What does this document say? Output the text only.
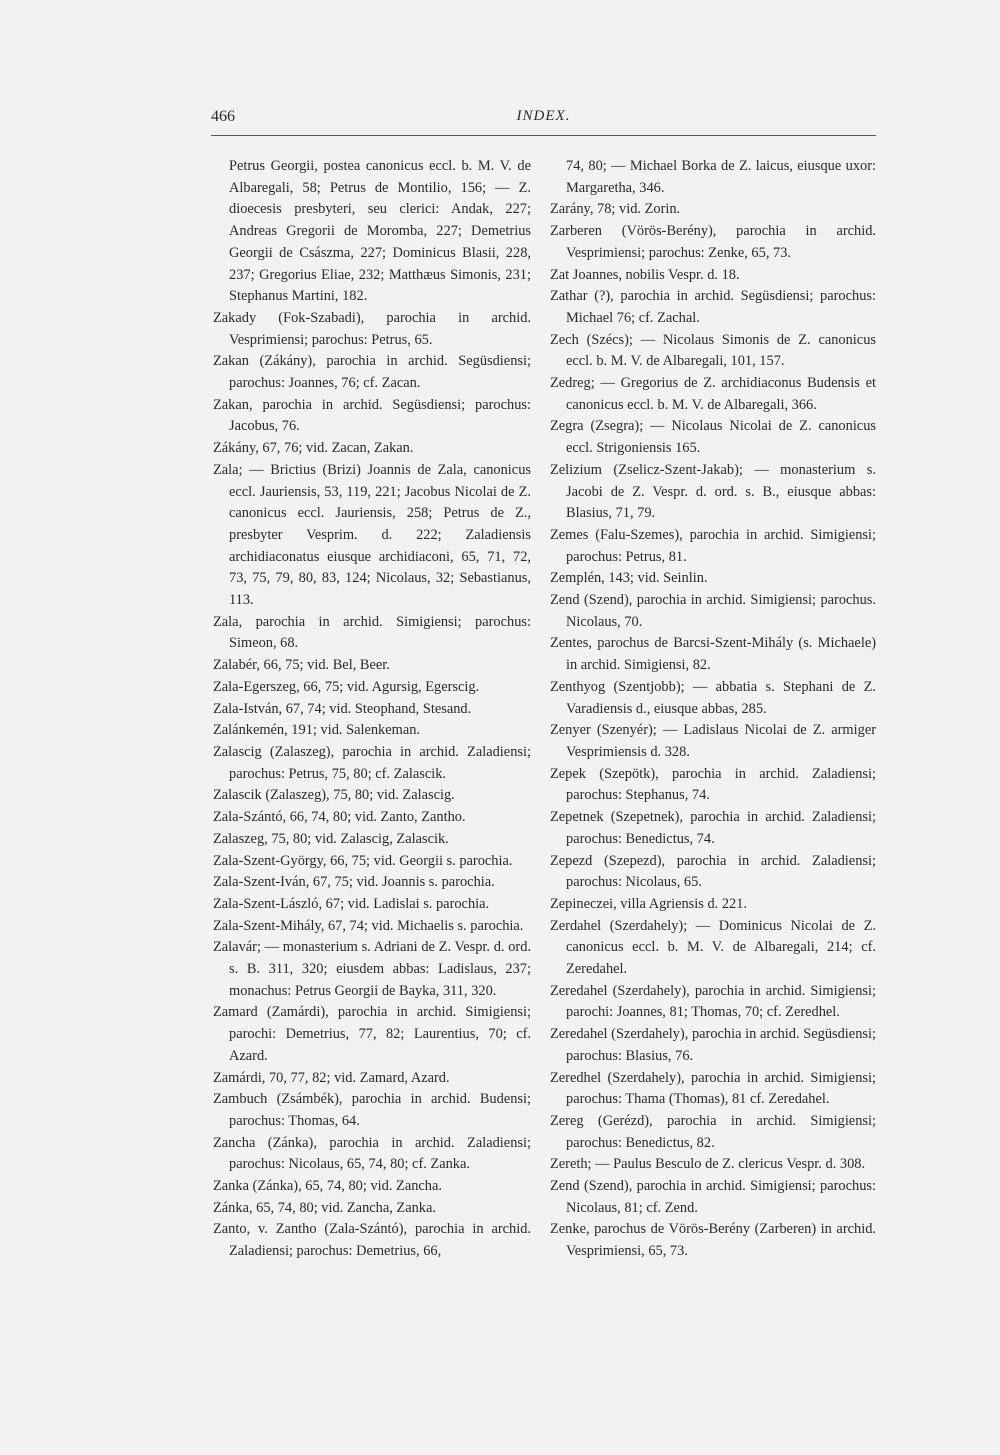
466	INDEX.

Petrus Georgii, postea canonicus eccl. b. M. V. de Albaregali, 58; Petrus de Montilio, 156; — Z. dioecesis presbyteri, seu clerici: Andak, 227; Andreas Gregorii de Moromba, 227; Demetrius Georgii de Császma, 227; Dominicus Blasii, 228, 237; Gregorius Eliae, 232; Matthæus Simonis, 231; Stephanus Martini, 182.

Zakady (Fok-Szabadi), parochia in archid. Vesprimiensi; parochus: Petrus, 65.

Zakan (Zákány), parochia in archid. Següsdiensi; parochus: Joannes, 76; cf. Zacan.

Zakan, parochia in archid. Següsdiensi; parochus: Jacobus, 76.

Zákány, 67, 76; vid. Zacan, Zakan.

Zala; — Brictius (Brizi) Joannis de Zala, canonicus eccl. Jauriensis, 53, 119, 221; Jacobus Nicolai de Z. canonicus eccl. Jauriensis, 258; Petrus de Z., presbyter Vesprim. d. 222; Zaladiensis archidiaconatus eiusque archidiaconi, 65, 71, 72, 73, 75, 79, 80, 83, 124; Nicolaus, 32; Sebastianus, 113.

Zala, parochia in archid. Simigiensi; parochus: Simeon, 68.

Zalabér, 66, 75; vid. Bel, Beer.

Zala-Egerszeg, 66, 75; vid. Agursig, Egerscig.

Zala-István, 67, 74; vid. Steophand, Stesand.

Zalánkemén, 191; vid. Salenkeman.

Zalascig (Zalaszeg), parochia in archid. Zaladiensi; parochus: Petrus, 75, 80; cf. Zalascik.

Zalascik (Zalaszeg), 75, 80; vid. Zalascig.

Zala-Szántó, 66, 74, 80; vid. Zanto, Zantho.

Zalaszeg, 75, 80; vid. Zalascig, Zalascik.

Zala-Szent-György, 66, 75; vid. Georgii s. parochia.

Zala-Szent-Iván, 67, 75; vid. Joannis s. parochia.

Zala-Szent-László, 67; vid. Ladislai s. parochia.

Zala-Szent-Mihály, 67, 74; vid. Michaelis s. parochia.

Zalavár; — monasterium s. Adriani de Z. Vespr. d. ord. s. B. 311, 320; eiusdem abbas: Ladislaus, 237; monachus: Petrus Georgii de Bayka, 311, 320.

Zamard (Zamárdi), parochia in archid. Simigiensi; parochi: Demetrius, 77, 82; Laurentius, 70; cf. Azard.

Zamárdi, 70, 77, 82; vid. Zamard, Azard.

Zambuch (Zsámbék), parochia in archid. Budensi; parochus: Thomas, 64.

Zancha (Zánka), parochia in archid. Zaladiensi; parochus: Nicolaus, 65, 74, 80; cf. Zanka.

Zanka (Zánka), 65, 74, 80; vid. Zancha.

Zánka, 65, 74, 80; vid. Zancha, Zanka.

Zanto, v. Zantho (Zala-Szántó), parochia in archid. Zaladiensi; parochus: Demetrius, 66,

74, 80; — Michael Borka de Z. laicus, eiusque uxor: Margaretha, 346.

Zarány, 78; vid. Zorin.

Zarberen (Vörös-Berény), parochia in archid. Vesprimiensi; parochus: Zenke, 65, 73.

Zat Joannes, nobilis Vespr. d. 18.

Zathar (?), parochia in archid. Següsdiensi; parochus: Michael 76; cf. Zachal.

Zech (Szécs); — Nicolaus Simonis de Z. canonicus eccl. b. M. V. de Albaregali, 101, 157.

Zedreg; — Gregorius de Z. archidiaconus Budensis et canonicus eccl. b. M. V. de Albaregali, 366.

Zegra (Zsegra); — Nicolaus Nicolai de Z. canonicus eccl. Strigoniensis 165.

Zelizium (Zselicz-Szent-Jakab); — monasterium s. Jacobi de Z. Vespr. d. ord. s. B., eiusque abbas: Blasius, 71, 79.

Zemes (Falu-Szemes), parochia in archid. Simigiensi; parochus: Petrus, 81.

Zemplén, 143; vid. Seinlin.

Zend (Szend), parochia in archid. Simigiensi; parochus. Nicolaus, 70.

Zentes, parochus de Barcsi-Szent-Mihály (s. Michaele) in archid. Simigiensi, 82.

Zenthyog (Szentjobb); — abbatia s. Stephani de Z. Varadiensis d., eiusque abbas, 285.

Zenyer (Szenyér); — Ladislaus Nicolai de Z. armiger Vesprimiensis d. 328.

Zepek (Szepötk), parochia in archid. Zaladiensi; parochus: Stephanus, 74.

Zepetnek (Szepetnek), parochia in archid. Zaladiensi; parochus: Benedictus, 74.

Zepezd (Szepezd), parochia in archid. Zaladiensi; parochus: Nicolaus, 65.

Zepineczei, villa Agriensis d. 221.

Zerdahel (Szerdahely); — Dominicus Nicolai de Z. canonicus eccl. b. M. V. de Albaregali, 214; cf. Zeredahel.

Zeredahel (Szerdahely), parochia in archid. Simigiensi; parochi: Joannes, 81; Thomas, 70; cf. Zeredhel.

Zeredahel (Szerdahely), parochia in archid. Següsdiensi; parochus: Blasius, 76.

Zeredhel (Szerdahely), parochia in archid. Simigiensi; parochus: Thama (Thomas), 81 cf. Zeredahel.

Zereg (Gerézd), parochia in archid. Simigiensi; parochus: Benedictus, 82.

Zereth; — Paulus Besculo de Z. clericus Vespr. d. 308.

Zend (Szend), parochia in archid. Simigiensi; parochus: Nicolaus, 81; cf. Zend.

Zenke, parochus de Vörös-Berény (Zarberen) in archid. Vesprimiensi, 65, 73.
